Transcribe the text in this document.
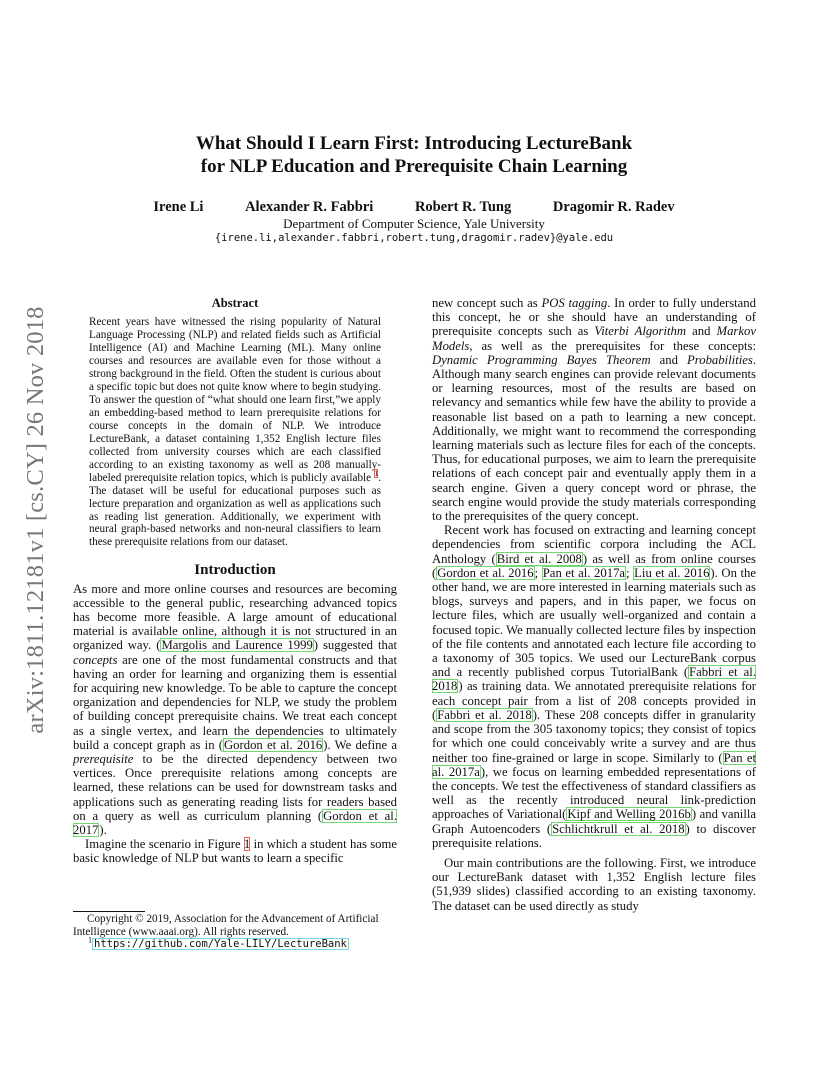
arXiv:1811.12181v1 [cs.CY] 26 Nov 2018
What Should I Learn First: Introducing LectureBank
for NLP Education and Prerequisite Chain Learning
Irene Li	Alexander R. Fabbri	Robert R. Tung	Dragomir R. Radev
Department of Computer Science, Yale University
{irene.li,alexander.fabbri,robert.tung,dragomir.radev}@yale.edu
Abstract

Recent years have witnessed the rising popularity of Natural Language Processing (NLP) and related fields such as Artificial Intelligence (AI) and Machine Learning (ML). Many online courses and resources are available even for those without a strong background in the field. Often the student is curious about a specific topic but does not quite know where to begin studying. To answer the question of “what should one learn first,”we apply an embedding-based method to learn prerequisite relations for course concepts in the domain of NLP. We introduce LectureBank, a dataset containing 1,352 English lecture files collected from university courses which are each classified according to an existing taxonomy as well as 208 manually-labeled prerequisite relation topics, which is publicly available $^1$. The dataset will be useful for educational purposes such as lecture preparation and organization as well as applications such as reading list generation. Additionally, we experiment with neural graph-based networks and non-neural classifiers to learn these prerequisite relations from our dataset.

Introduction

As more and more online courses and resources are becoming accessible to the general public, researching advanced topics has become more feasible. A large amount of educational material is available online, although it is not structured in an organized way. (Margolis and Laurence 1999) suggested that concepts are one of the most fundamental constructs and that having an order for learning and organizing them is essential for acquiring new knowledge. To be able to capture the concept organization and dependencies for NLP, we study the problem of building concept prerequisite chains. We treat each concept as a single vertex, and learn the dependencies to ultimately build a concept graph as in (Gordon et al. 2016). We define a prerequisite to be the directed dependency between two vertices. Once prerequisite relations among concepts are learned, these relations can be used for downstream tasks and applications such as generating reading lists for readers based on a query as well as curriculum planning (Gordon et al. 2017).

Imagine the scenario in Figure 1 in which a student has some basic knowledge of NLP but wants to learn a specific

Copyright © 2019, Association for the Advancement of Artificial Intelligence (www.aaai.org). All rights reserved.
$^1$ https://github.com/Yale-LILY/LectureBank

new concept such as POS tagging. In order to fully understand this concept, he or she should have an understanding of prerequisite concepts such as Viterbi Algorithm and Markov Models, as well as the prerequisites for these concepts: Dynamic Programming Bayes Theorem and Probabilities. Although many search engines can provide relevant documents or learning resources, most of the results are based on relevancy and semantics while few have the ability to provide a reasonable list based on a path to learning a new concept. Additionally, we might want to recommend the corresponding learning materials such as lecture files for each of the concepts. Thus, for educational purposes, we aim to learn the prerequisite relations of each concept pair and eventually apply them in a search engine. Given a query concept word or phrase, the search engine would provide the study materials corresponding to the prerequisites of the query concept.

Recent work has focused on extracting and learning concept dependencies from scientific corpora including the ACL Anthology (Bird et al. 2008) as well as from online courses (Gordon et al. 2016; Pan et al. 2017a; Liu et al. 2016). On the other hand, we are more interested in learning materials such as blogs, surveys and papers, and in this paper, we focus on lecture files, which are usually well-organized and contain a focused topic. We manually collected lecture files by inspection of the file contents and annotated each lecture file according to a taxonomy of 305 topics. We used our LectureBank corpus and a recently published corpus TutorialBank (Fabbri et al. 2018) as training data. We annotated prerequisite relations for each concept pair from a list of 208 concepts provided in (Fabbri et al. 2018). These 208 concepts differ in granularity and scope from the 305 taxonomy topics; they consist of topics for which one could conceivably write a survey and are thus neither too fine-grained or large in scope. Similarly to (Pan et al. 2017a), we focus on learning embedded representations of the concepts. We test the effectiveness of standard classifiers as well as the recently introduced neural link-prediction approaches of Variational(Kipf and Welling 2016b) and vanilla Graph Autoencoders (Schlichtkrull et al. 2018) to discover prerequisite relations.

Our main contributions are the following. First, we introduce our LectureBank dataset with 1,352 English lecture files (51,939 slides) classified according to an existing taxonomy. The dataset can be used directly as study
